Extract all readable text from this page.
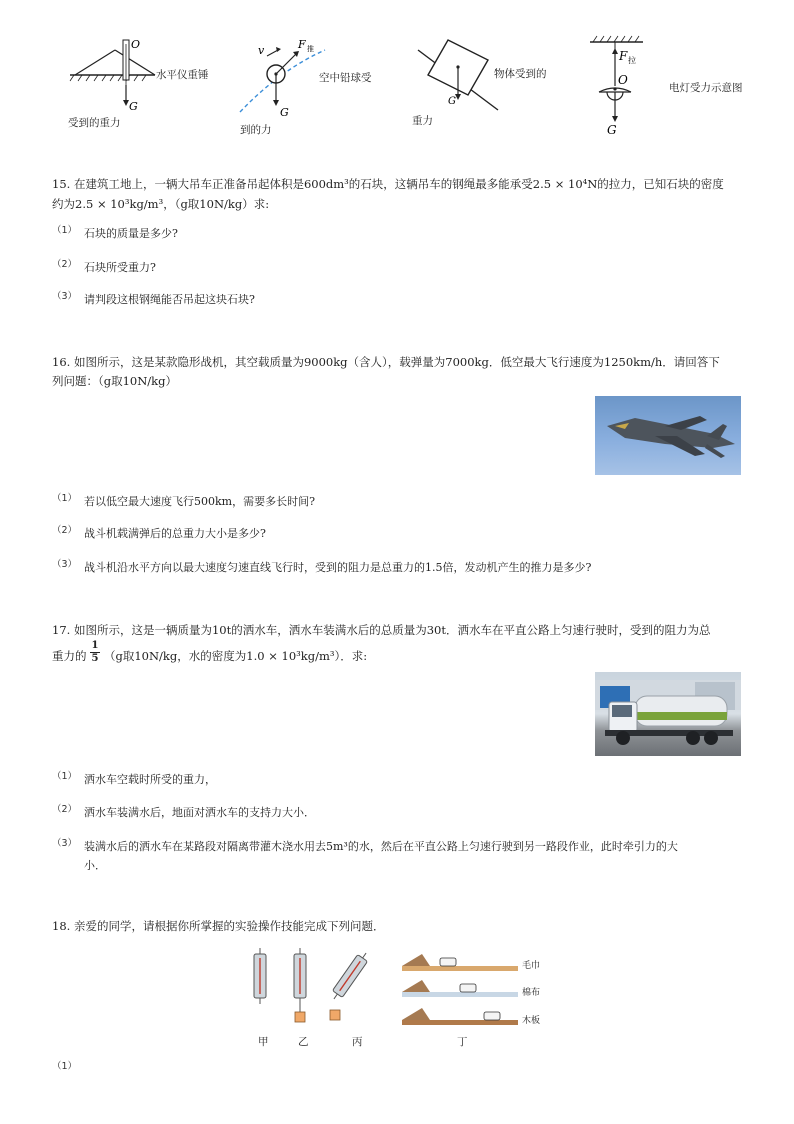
O
G
水平仪重锤
受到的重力
v	F 推
G
空中铅球受
到的力
G
物体受到的
重力
F 拉
O
G
电灯受力示意图
15. 在建筑工地上，一辆大吊车正准备吊起体积是600dm³的石块，这辆吊车的钢绳最多能承受2.5 × 10⁴N的拉力，已知石块的密度
约为2.5 × 10³kg/m³，（g取10N/kg）求:
（1） 石块的质量是多少?
（2） 石块所受重力?
（3） 请判段这根钢绳能否吊起这块石块?
16. 如图所示，这是某款隐形战机，其空载质量为9000kg（含人），载弹量为7000kg．低空最大飞行速度为1250km/h．请回答下
列问题：（g取10N/kg）
（1） 若以低空最大速度飞行500km，需要多长时间?
（2） 战斗机载满弹后的总重力大小是多少?
（3） 战斗机沿水平方向以最大速度匀速直线飞行时，受到的阻力是总重力的1.5倍，发动机产生的推力是多少?
17. 如图所示，这是一辆质量为10t的洒水车，洒水车装满水后的总质量为30t．洒水车在平直公路上匀速行驶时，受到的阻力为总
重力的 $\frac{1}{5} (g$取10N/kg，水的密度为1.0 × 10³kg/m³）．求:
（1） 洒水车空载时所受的重力，
（2） 洒水车装满水后，地面对洒水车的支持力大小．
（3） 装满水后的洒水车在某路段对隔离带灌木浇水用去5m³的水，然后在平直公路上匀速行驶到另一路段作业，此时牵引力的大
小．
18. 亲爱的同学，请根据你所掌握的实验操作技能完成下列问题．
甲	乙	丙
毛巾
棉布
木板
丁
（1）
